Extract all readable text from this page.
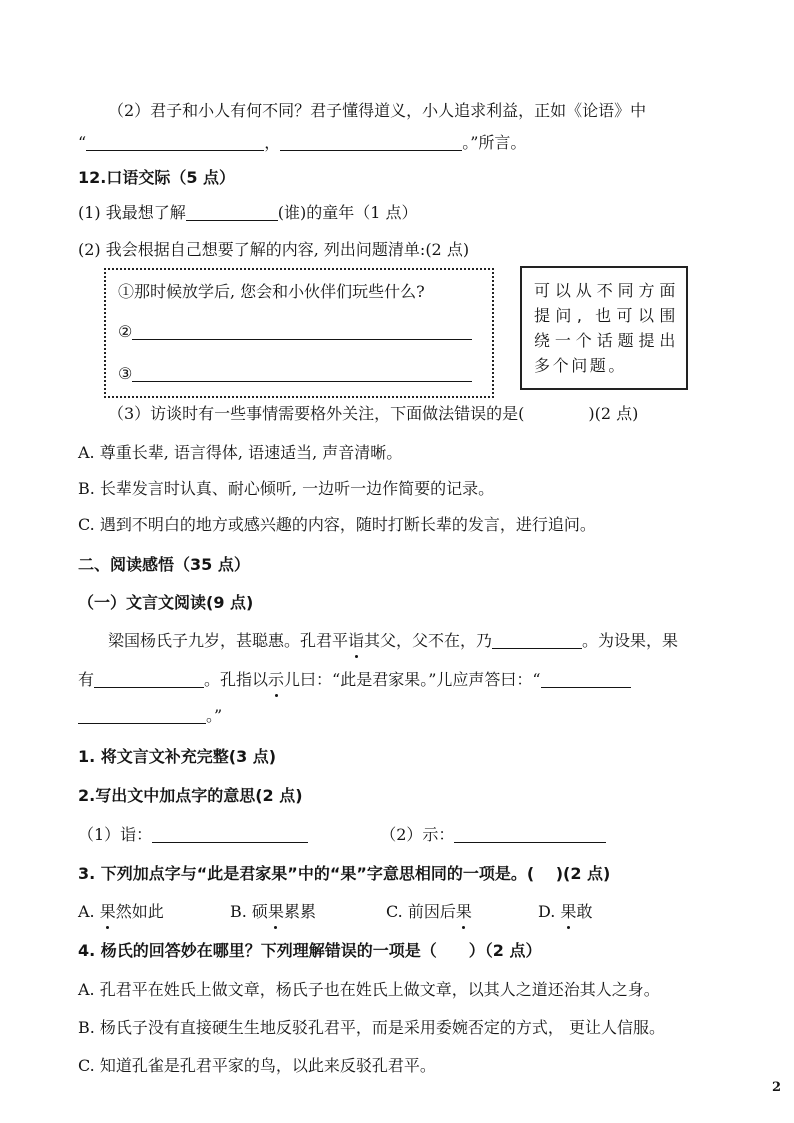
（2）君子和小人有何不同？君子懂得道义，小人追求利益，正如《论语》中
“	，	。”所言。
12.口语交际（5 点）
(1) 我最想了解	(谁)的童年（1 点）
(2) 我会根据自己想要了解的内容, 列出问题清单:(2 点)
①那时候放学后, 您会和小伙伴们玩些什么?
②
③
可以从不同方面提问, 也可以围绕一个话题提出多个问题。
（3）访谈时有一些事情需要格外关注，下面做法错误的是(　　　　)(2 点)
A. 尊重长辈, 语言得体, 语速适当, 声音清晰。
B. 长辈发言时认真、耐心倾听, 一边听一边作简要的记录。
C. 遇到不明白的地方或感兴趣的内容，随时打断长辈的发言，进行追问。
二、阅读感悟（35 点）
（一）文言文阅读(9 点)
梁国杨氏子九岁，甚聪惠。孔君平诣其父，父不在，乃	。为设果，果
有	。孔指以示儿曰：“此是君家果。”儿应声答曰：“
。”
1. 将文言文补充完整(3 点)
2.写出文中加点字的意思(2 点)
（1）诣：	（2）示：
3. 下列加点字与“此是君家果”中的“果”字意思相同的一项是。(　 )(2 点)
A. 果然如此	B. 硕果累累	C. 前因后果	D. 果敢
4. 杨氏的回答妙在哪里？下列理解错误的一项是（　　）（2 点）
A. 孔君平在姓氏上做文章，杨氏子也在姓氏上做文章，以其人之道还治其人之身。
B. 杨氏子没有直接硬生生地反驳孔君平，而是采用委婉否定的方式， 更让人信服。
C. 知道孔雀是孔君平家的鸟，以此来反驳孔君平。
2
